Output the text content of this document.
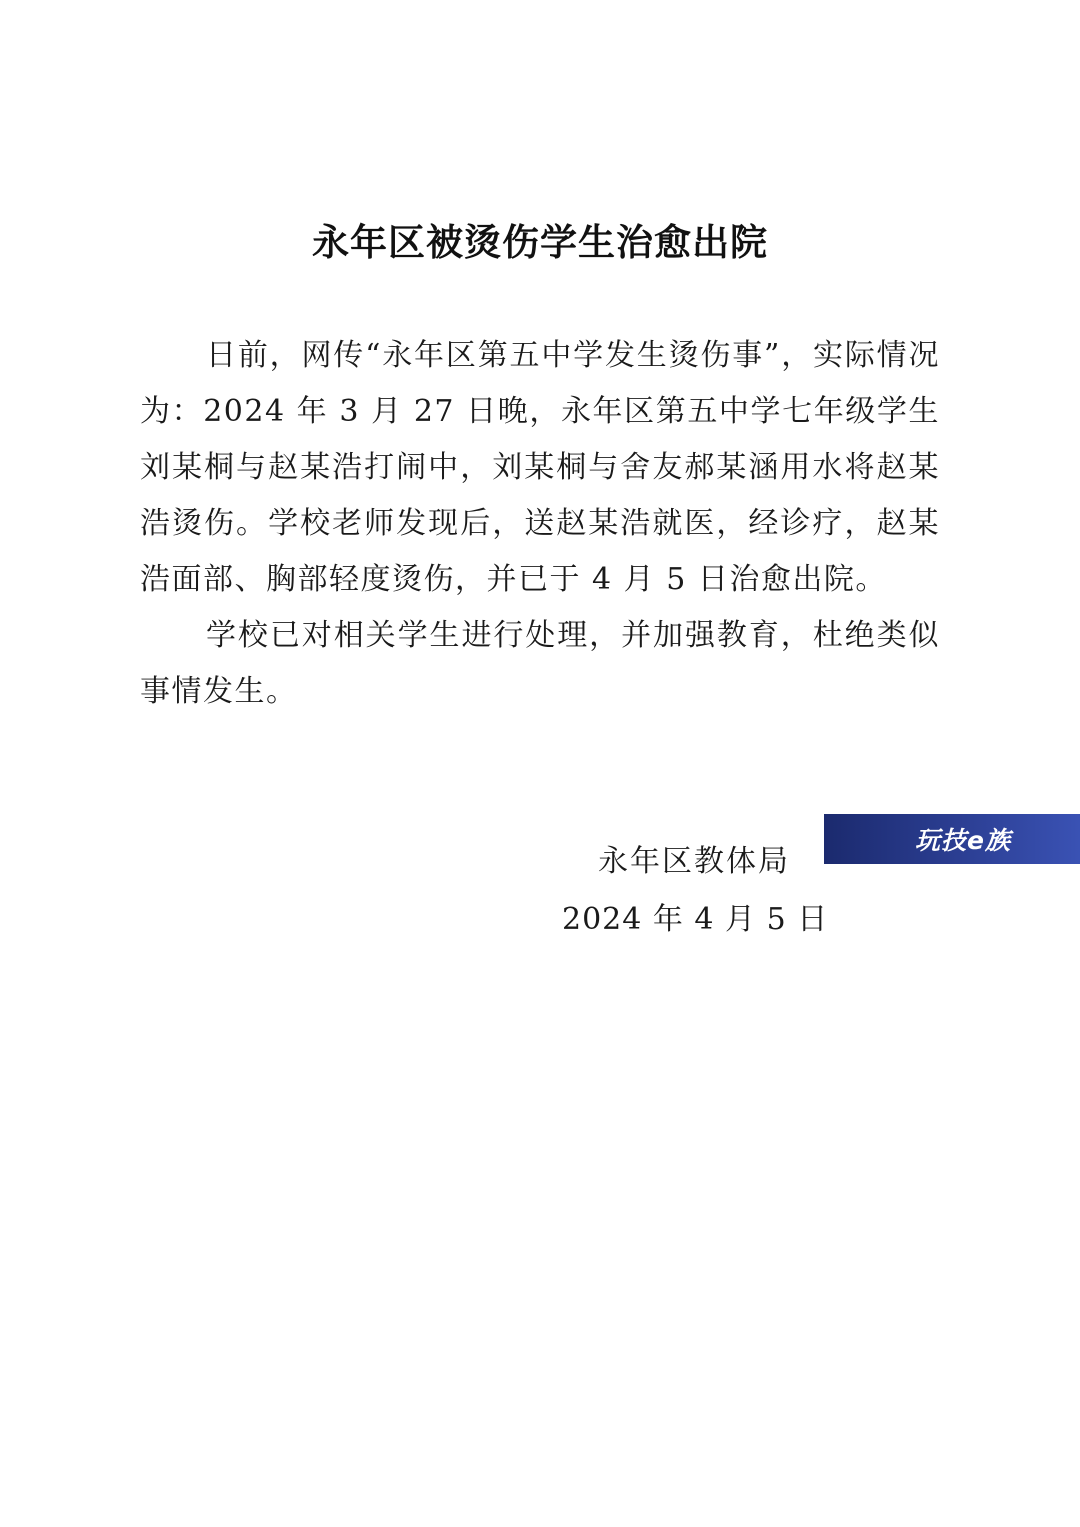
永年区被烫伤学生治愈出院

日前，网传“永年区第五中学发生烫伤事”，实际情况为：2024 年 3 月 27 日晚，永年区第五中学七年级学生刘某桐与赵某浩打闹中，刘某桐与舍友郝某涵用水将赵某浩烫伤。学校老师发现后，送赵某浩就医，经诊疗，赵某浩面部、胸部轻度烫伤，并已于 4 月 5 日治愈出院。

学校已对相关学生进行处理，并加强教育，杜绝类似事情发生。

玩技e族
永年区教体局
2024 年 4 月 5 日
